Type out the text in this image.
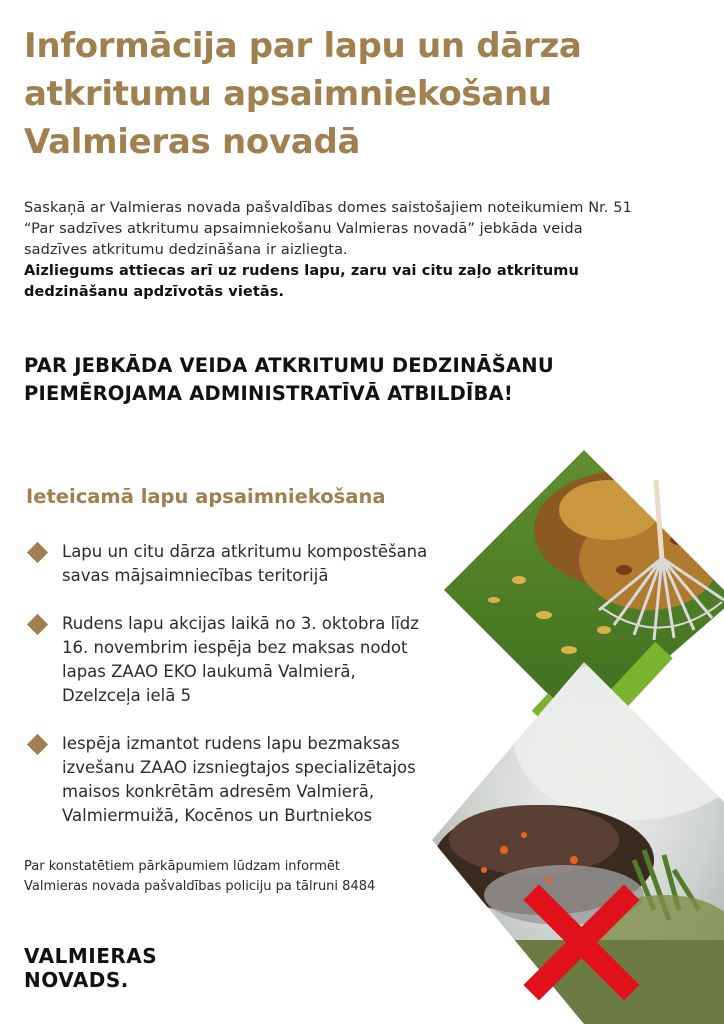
Informācija par lapu un dārza
atkritumu apsaimniekošanu
Valmieras novadā

Saskaņā ar Valmieras novada pašvaldības domes saistošajiem noteikumiem Nr. 51

“Par sadzīves atkritumu apsaimniekošanu Valmieras novadā” jebkāda veida

sadzīves atkritumu dedzināšana ir aizliegta.

Aizliegums attiecas arī uz rudens lapu, zaru vai citu zaļo atkritumu

dedzināšanu apdzīvotās vietās.

PAR JEBKĀDA VEIDA ATKRITUMU DEDZINĀŠANU
PIEMĒROJAMA ADMINISTRATĪVĀ ATBILDĪBA!
Ieteicamā lapu apsaimniekošana
Lapu un citu dārza atkritumu kompostēšana
savas mājsaimniecības teritorijā
Rudens lapu akcijas laikā no 3. oktobra līdz
16. novembrim iespēja bez maksas nodot
lapas ZAAO EKO laukumā Valmierā,
Dzelzceļa ielā 5
Iespēja izmantot rudens lapu bezmaksas
izvešanu ZAAO izsniegtajos specializētajos
maisos konkrētām adresēm Valmierā,
Valmiermuižā, Kocēnos un Burtniekos
Par konstatētiem pārkāpumiem lūdzam informēt
Valmieras novada pašvaldības policiju pa tālruni 8484
VALMIERAS
NOVADS.
